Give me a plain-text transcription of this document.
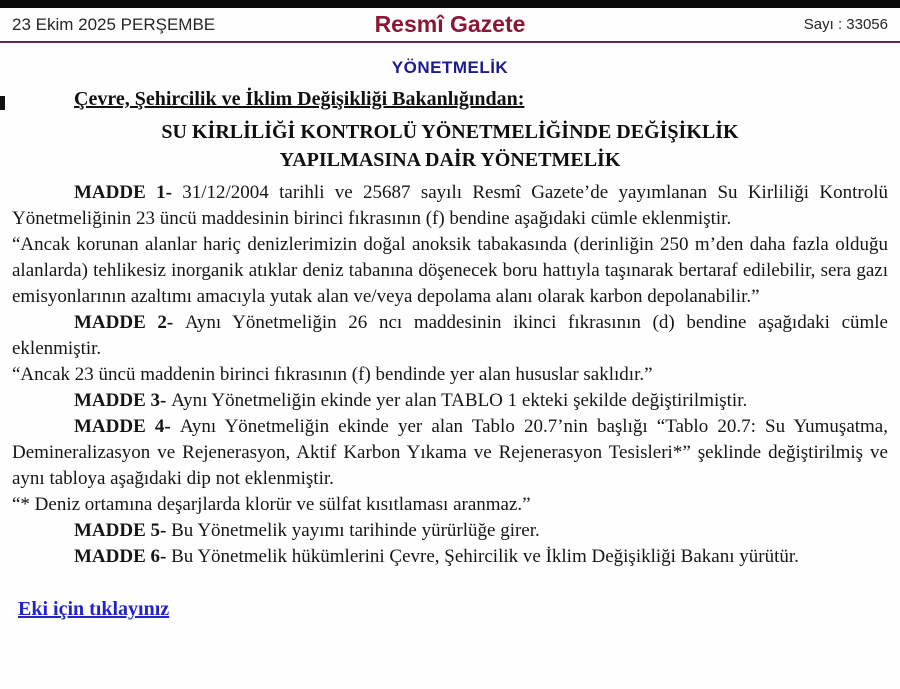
23 Ekim 2025 PERŞEMBE	Resmî Gazete	Sayı : 33056
YÖNETMELİK
Çevre, Şehircilik ve İklim Değişikliği Bakanlığından:
SU KİRLİLİĞİ KONTROLÜ YÖNETMELİĞİNDE DEĞİŞİKLİK
YAPILMASINA DAİR YÖNETMELİK

MADDE 1- 31/12/2004 tarihli ve 25687 sayılı Resmî Gazete’de yayımlanan Su Kirliliği Kontrolü Yönetmeliğinin 23 üncü maddesinin birinci fıkrasının (f) bendine aşağıdaki cümle eklenmiştir.

“Ancak korunan alanlar hariç denizlerimizin doğal anoksik tabakasında (derinliğin 250 m’den daha fazla olduğu alanlarda) tehlikesiz inorganik atıklar deniz tabanına döşenecek boru hattıyla taşınarak bertaraf edilebilir, sera gazı emisyonlarının azaltımı amacıyla yutak alan ve/veya depolama alanı olarak karbon depolanabilir.”

MADDE 2- Aynı Yönetmeliğin 26 ncı maddesinin ikinci fıkrasının (d) bendine aşağıdaki cümle eklenmiştir.

“Ancak 23 üncü maddenin birinci fıkrasının (f) bendinde yer alan hususlar saklıdır.”

MADDE 3- Aynı Yönetmeliğin ekinde yer alan TABLO 1 ekteki şekilde değiştirilmiştir.

MADDE 4- Aynı Yönetmeliğin ekinde yer alan Tablo 20.7’nin başlığı “Tablo 20.7: Su Yumuşatma, Demineralizasyon ve Rejenerasyon, Aktif Karbon Yıkama ve Rejenerasyon Tesisleri*” şeklinde değiştirilmiş ve aynı tabloya aşağıdaki dip not eklenmiştir.

“* Deniz ortamına deşarjlarda klorür ve sülfat kısıtlaması aranmaz.”

MADDE 5- Bu Yönetmelik yayımı tarihinde yürürlüğe girer.

MADDE 6- Bu Yönetmelik hükümlerini Çevre, Şehircilik ve İklim Değişikliği Bakanı yürütür.

Eki için tıklayınız
